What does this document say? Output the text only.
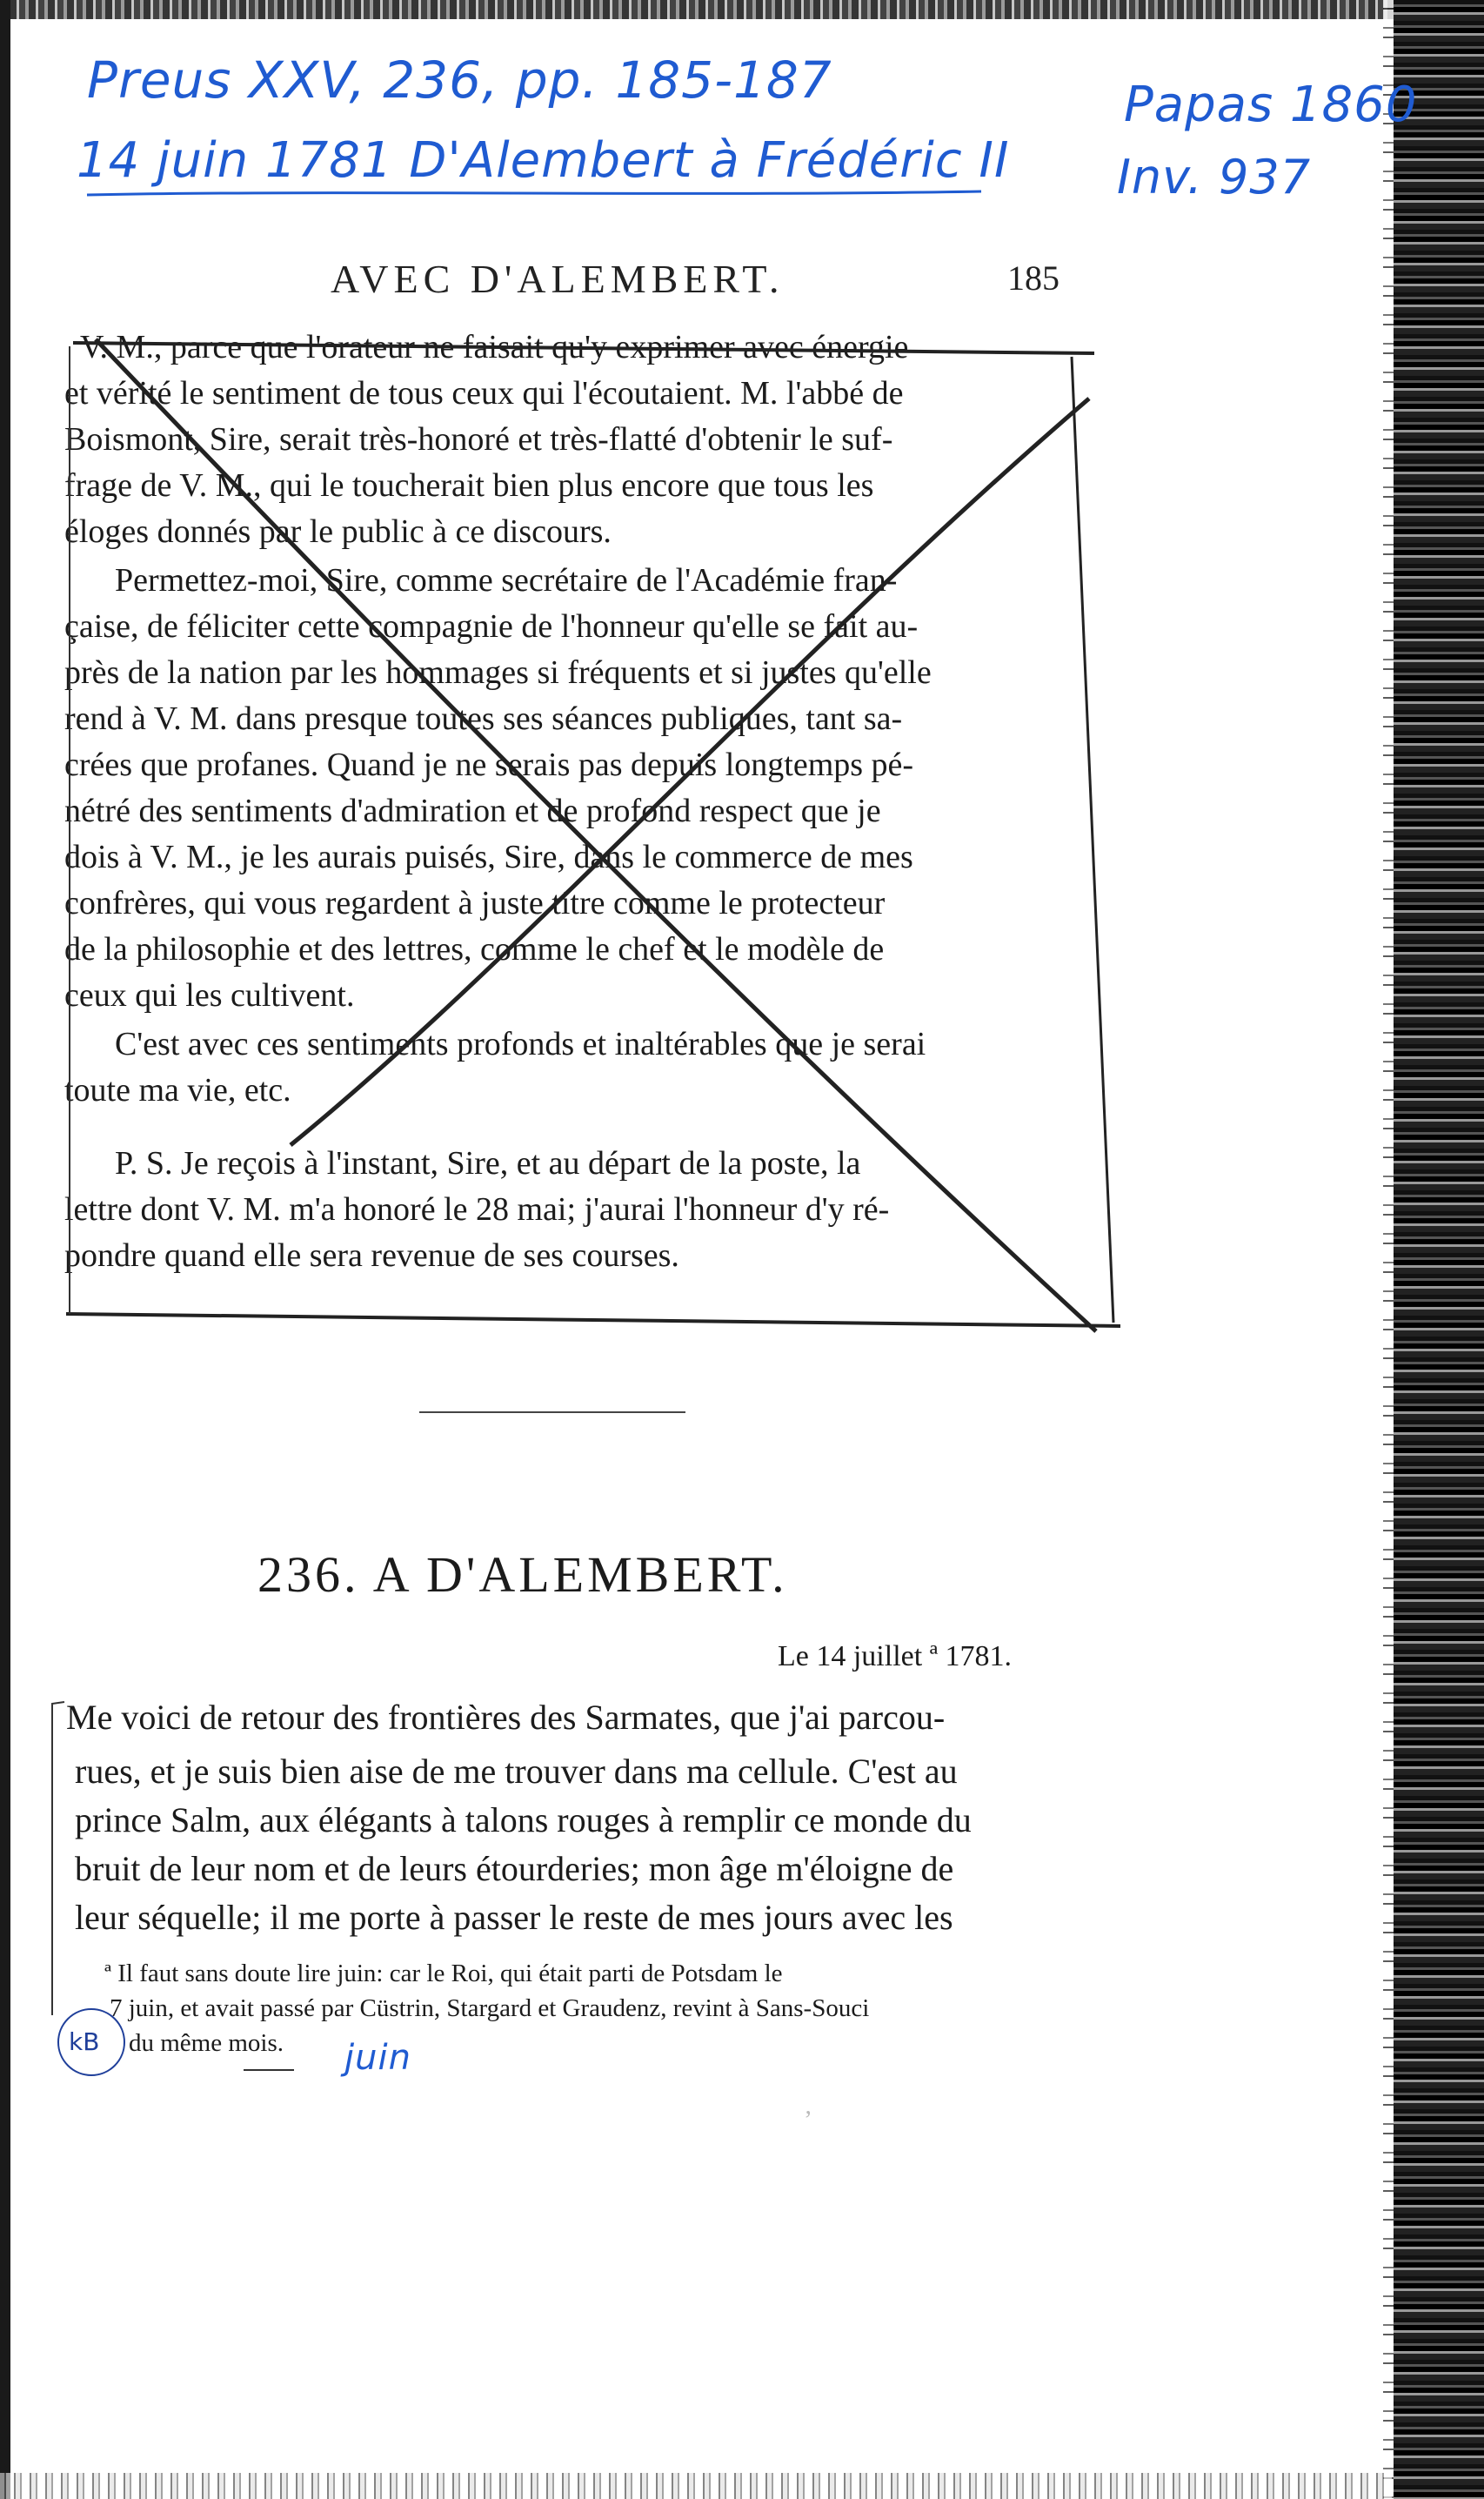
Preus XXV, 236, pp. 185-187
14 juin 1781 D'Alembert à Frédéric II
Papas 1860
Inv. 937
AVEC D'ALEMBERT.	185
V. M., parce que l'orateur ne faisait qu'y exprimer avec énergie
et vérité le sentiment de tous ceux qui l'écoutaient. M. l'abbé de
Boismont, Sire, serait très-honoré et très-flatté d'obtenir le suf-
frage de V. M., qui le toucherait bien plus encore que tous les
éloges donnés par le public à ce discours.
Permettez-moi, Sire, comme secrétaire de l'Académie fran-
çaise, de féliciter cette compagnie de l'honneur qu'elle se fait au-
près de la nation par les hommages si fréquents et si justes qu'elle
rend à V. M. dans presque toutes ses séances publiques, tant sa-
crées que profanes. Quand je ne serais pas depuis longtemps pé-
nétré des sentiments d'admiration et de profond respect que je
dois à V. M., je les aurais puisés, Sire, dans le commerce de mes
confrères, qui vous regardent à juste titre comme le protecteur
de la philosophie et des lettres, comme le chef et le modèle de
ceux qui les cultivent.
C'est avec ces sentiments profonds et inaltérables que je serai
toute ma vie, etc.
P. S. Je reçois à l'instant, Sire, et au départ de la poste, la
lettre dont V. M. m'a honoré le 28 mai; j'aurai l'honneur d'y ré-
pondre quand elle sera revenue de ses courses.
236. A D'ALEMBERT.
Le 14 juillet ª 1781.
Me voici de retour des frontières des Sarmates, que j'ai parcou-
rues, et je suis bien aise de me trouver dans ma cellule. C'est au
prince Salm, aux élégants à talons rouges à remplir ce monde du
bruit de leur nom et de leurs étourderies; mon âge m'éloigne de
leur séquelle; il me porte à passer le reste de mes jours avec les
ª Il faut sans doute lire juin: car le Roi, qui était parti de Potsdam le
7 juin, et avait passé par Cüstrin, Stargard et Graudenz, revint à Sans-Souci
du même mois.
kB	juin
ʼ
